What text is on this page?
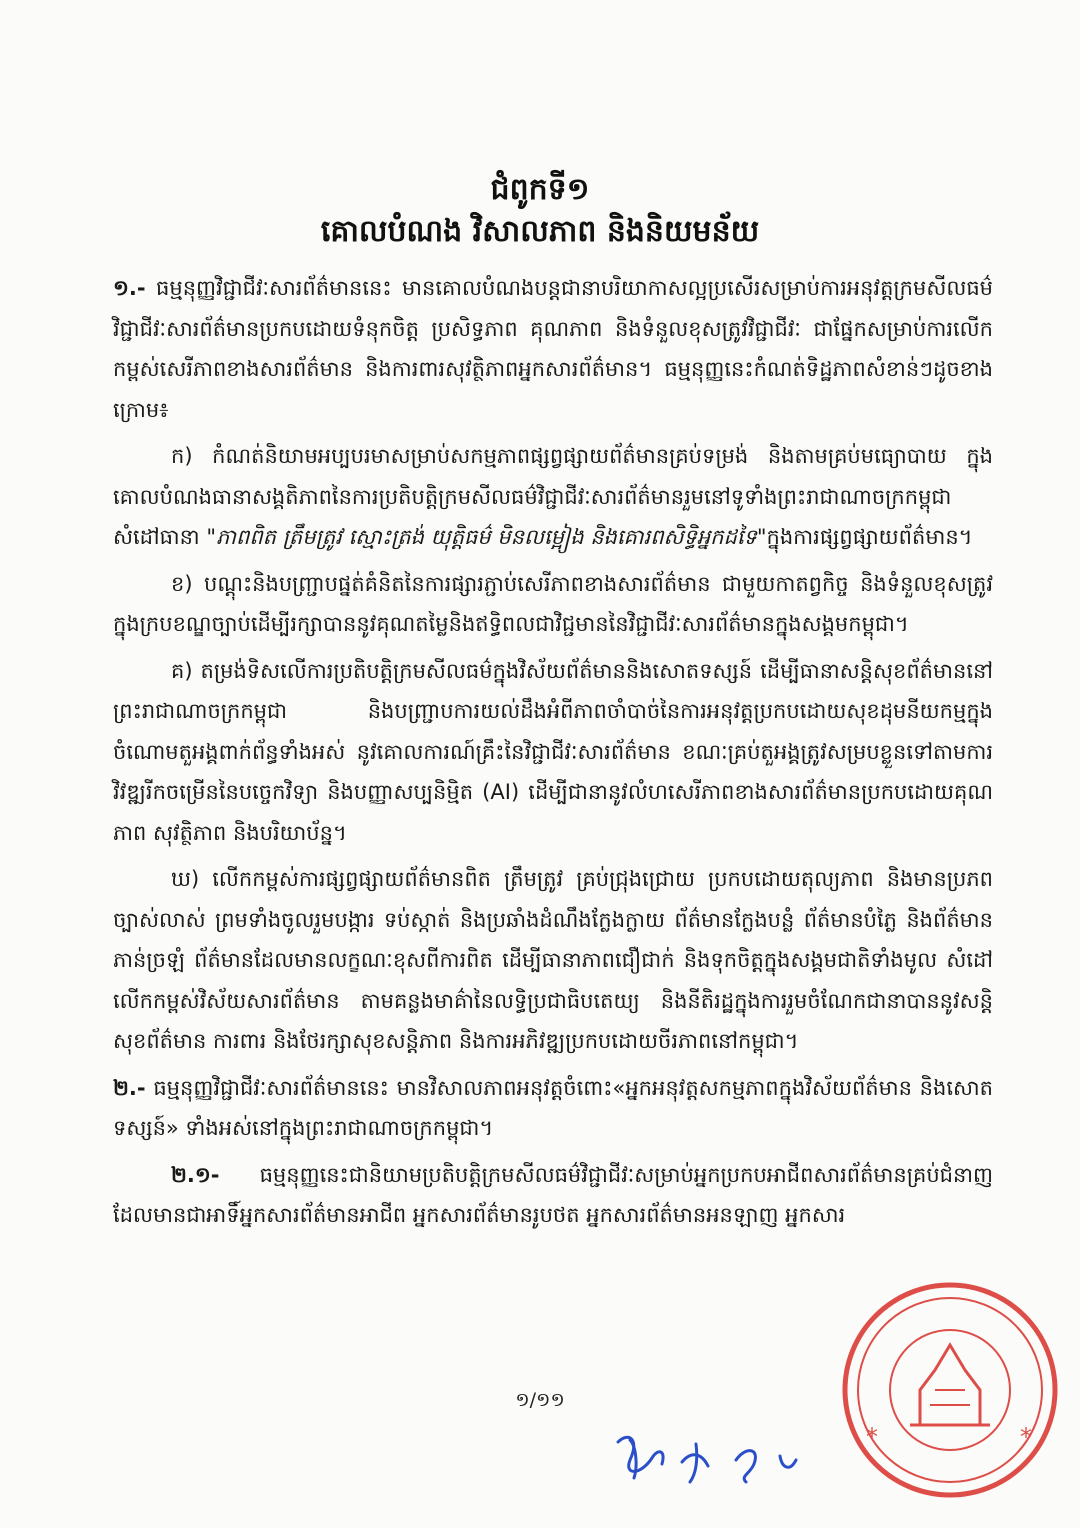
ជំពូកទី១
គោលបំណង វិសាលភាព និងនិយមន័យ

១.- ធម្មនុញ្ញវិជ្ជាជីវៈសារព័ត៌មាននេះ មានគោលបំណងបន្តជានាបរិយាកាសល្អប្រសើរសម្រាប់ការអនុវត្តក្រមសីលធម៌វិជ្ជាជីវៈសារព័ត៌មានប្រកបដោយទំនុកចិត្ត ប្រសិទ្ធភាព គុណភាព និងទំនួលខុសត្រូវវិជ្ជាជីវៈ ជាផ្នែកសម្រាប់ការលើកកម្ពស់សេរីភាពខាងសារព័ត៌មាន និងការពារសុវត្ថិភាពអ្នកសារព័ត៌មាន។ ធម្មនុញ្ញនេះកំណត់ទិដ្ឋភាពសំខាន់ៗដូចខាងក្រោម៖

ក) កំណត់និយាមអប្បបរមាសម្រាប់សកម្មភាពផ្សព្វផ្សាយព័ត៌មានគ្រប់ទម្រង់ និងតាមគ្រប់មធ្យោបាយ ក្នុងគោលបំណងធានាសង្គតិភាពនៃការប្រតិបត្តិក្រមសីលធម៌វិជ្ជាជីវៈសារព័ត៌មានរួមនៅទូទាំងព្រះរាជាណាចក្រកម្ពុជា សំដៅធានា "ភាពពិត ត្រឹមត្រូវ ស្មោះត្រង់ យុត្តិធម៌ មិនលម្អៀង និងគោរពសិទ្ធិអ្នកដទៃ"ក្នុងការផ្សព្វផ្សាយព័ត៌មាន។

ខ) បណ្ដុះនិងបញ្ជ្រាបផ្នត់គំនិតនៃការផ្សារភ្ជាប់សេរីភាពខាងសារព័ត៌មាន ជាមួយកាតព្វកិច្ច និងទំនួលខុសត្រូវក្នុងក្របខណ្ឌច្បាប់ដើម្បីរក្សាបាននូវគុណតម្លៃនិងឥទ្ធិពលជាវិជ្ជមាននៃវិជ្ជាជីវៈសារព័ត៌មានក្នុងសង្គមកម្ពុជា។

គ) តម្រង់ទិសលើការប្រតិបត្តិក្រមសីលធម៌ក្នុងវិស័យព័ត៌មាននិងសោតទស្សន៍ ដើម្បីធានាសន្តិសុខព័ត៌មាននៅព្រះរាជាណាចក្រកម្ពុជា និងបញ្ជ្រាបការយល់ដឹងអំពីភាពចាំបាច់នៃការអនុវត្តប្រកបដោយសុខដុមនីយកម្មក្នុងចំណោមតួអង្គពាក់ព័ន្ធទាំងអស់ នូវគោលការណ៍គ្រឹះនៃវិជ្ជាជីវៈសារព័ត៌មាន ខណៈគ្រប់តួអង្គត្រូវសម្របខ្លួនទៅតាមការវិវឌ្ឍរីកចម្រើននៃបច្ចេកវិទ្យា និងបញ្ញាសប្បនិម្មិត (AI) ដើម្បីជានានូវលំហសេរីភាពខាងសារព័ត៌មានប្រកបដោយគុណភាព សុវត្ថិភាព និងបរិយាប័ន្ន។

ឃ) លើកកម្ពស់ការផ្សព្វផ្សាយព័ត៌មានពិត ត្រឹមត្រូវ គ្រប់ជ្រុងជ្រោយ ប្រកបដោយតុល្យភាព និងមានប្រភពច្បាស់លាស់ ព្រមទាំងចូលរួមបង្ការ ទប់ស្កាត់ និងប្រឆាំងដំណឹងក្លែងក្លាយ ព័ត៌មានក្លែងបន្លំ ព័ត៌មានបំភ្លៃ និងព័ត៌មានភាន់ច្រឡំ ព័ត៌មានដែលមានលក្ខណៈខុសពីការពិត ដើម្បីធានាភាពជឿជាក់ និងទុកចិត្តក្នុងសង្គមជាតិទាំងមូល សំដៅលើកកម្ពស់វិស័យសារព័ត៌មាន តាមគន្លងមាគ៌ានៃលទ្ធិប្រជាធិបតេយ្យ និងនីតិរដ្ឋក្នុងការរួមចំណែកជានាបាននូវសន្តិសុខព័ត៌មាន ការពារ និងថែរក្សាសុខសន្តិភាព និងការអភិវឌ្ឍប្រកបដោយចីរភាពនៅកម្ពុជា។

២.- ធម្មនុញ្ញវិជ្ជាជីវៈសារព័ត៌មាននេះ មានវិសាលភាពអនុវត្តចំពោះ«អ្នកអនុវត្តសកម្មភាពក្នុងវិស័យព័ត៌មាន និងសោតទស្សន៍» ទាំងអស់នៅក្នុងព្រះរាជាណាចក្រកម្ពុជា។

២.១- ធម្មនុញ្ញនេះជានិយាមប្រតិបត្តិក្រមសីលធម៌វិជ្ជាជីវៈសម្រាប់អ្នកប្រកបអាជីពសារព័ត៌មានគ្រប់ជំនាញ ដែលមានជាអាទិ៍អ្នកសារព័ត៌មានអាជីព អ្នកសារព័ត៌មានរូបថត អ្នកសារព័ត៌មានអនឡាញ អ្នកសារ

១/១១
*	*
